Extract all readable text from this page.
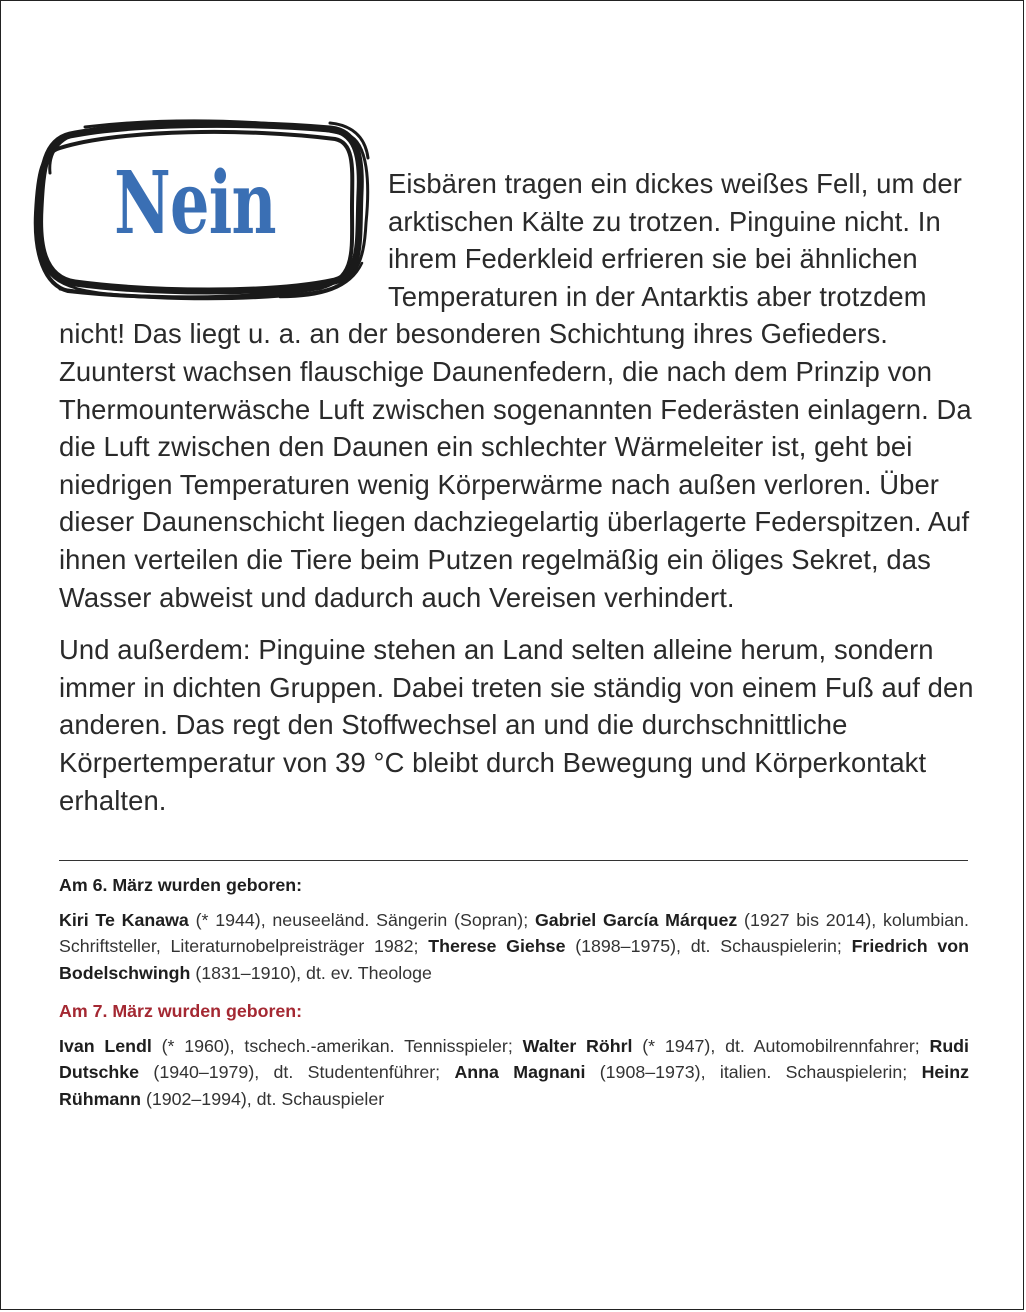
Nein	Eisbären tragen ein dickes weißes Fell, um der arktischen Kälte zu trotzen. Pinguine nicht. In ihrem Federkleid erfrieren sie bei ähnlichen Temperaturen in der Antarktis aber trotzdem nicht! Das liegt u. a. an der besonderen Schichtung ihres Gefieders. Zuunterst wachsen flauschige Daunenfedern, die nach dem Prinzip von Thermounterwäsche Luft zwischen sogenannten Federästen einlagern. Da die Luft zwischen den Daunen ein schlechter Wärmeleiter ist, geht bei niedrigen Temperaturen wenig Körperwärme nach außen verloren. Über dieser Daunenschicht liegen dachziegelartig überlagerte Federspitzen. Auf ihnen verteilen die Tiere beim Putzen regelmäßig ein öliges Sekret, das Wasser abweist und dadurch auch Vereisen verhindert.

Und außerdem: Pinguine stehen an Land selten alleine herum, sondern immer in dichten Gruppen. Dabei treten sie ständig von einem Fuß auf den anderen. Das regt den Stoffwechsel an und die durchschnittliche Körpertemperatur von 39 °C bleibt durch Bewegung und Körperkontakt erhalten.

Am 6. März wurden geboren:

Kiri Te Kanawa (* 1944), neuseeländ. Sängerin (Sopran); Gabriel García Márquez (1927 bis 2014), kolumbian. Schriftsteller, Literaturnobelpreisträger 1982; Therese Giehse (1898–1975), dt. Schauspielerin; Friedrich von Bodelschwingh (1831–1910), dt. ev. Theologe

Am 7. März wurden geboren:

Ivan Lendl (* 1960), tschech.-amerikan. Tennisspieler; Walter Röhrl (* 1947), dt. Automobilrennfahrer; Rudi Dutschke (1940–1979), dt. Studentenführer; Anna Magnani (1908–1973), italien. Schauspielerin; Heinz Rühmann (1902–1994), dt. Schauspieler
